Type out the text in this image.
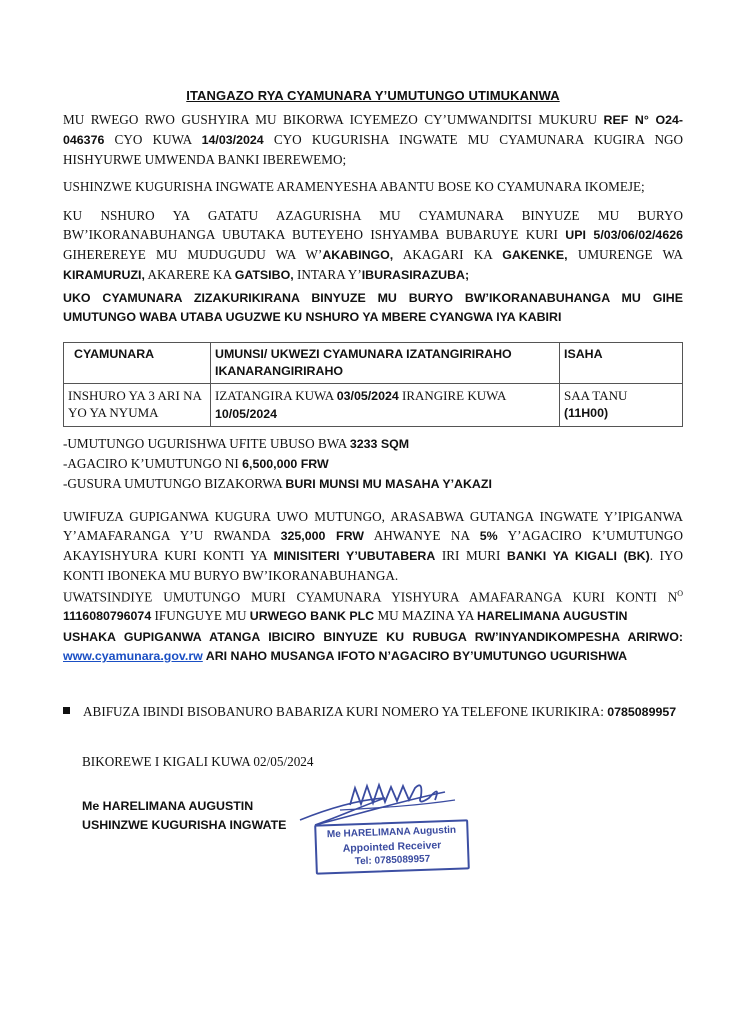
ITANGAZO RYA CYAMUNARA Y’UMUTUNGO UTIMUKANWA
MU RWEGO RWO GUSHYIRA MU BIKORWA ICYEMEZO CY’UMWANDITSI MUKURU REF N° O24-046376 CYO KUWA 14/03/2024 CYO KUGURISHA INGWATE MU CYAMUNARA KUGIRA NGO HISHYURWE UMWENDA BANKI IBEREWEMO;
USHINZWE KUGURISHA INGWATE ARAMENYESHA ABANTU BOSE KO CYAMUNARA IKOMEJE;
KU NSHURO YA GATATU AZAGURISHA MU CYAMUNARA BINYUZE MU BURYO BW’IKORANABUHANGA UBUTAKA BUTEYEHO ISHYAMBA BUBARUYE KURI UPI 5/03/06/02/4626 GIHEREREYE MU MUDUGUDU WA W’AKABINGO, AKAGARI KA GAKENKE, UMURENGE WA KIRAMURUZI, AKARERE KA GATSIBO, INTARA Y’IBURASIRAZUBA;
UKO CYAMUNARA ZIZAKURIKIRANA BINYUZE MU BURYO BW’IKORANABUHANGA MU GIHE UMUTUNGO WABA UTABA UGUZWE KU NSHURO YA MBERE CYANGWA IYA KABIRI
CYAMUNARA	UMUNSI/ UKWEZI CYAMUNARA IZATANGIRIRAHO IKANARANGIRIRAHO	ISAHA
INSHURO YA 3 ARI NA YO YA NYUMA	IZATANGIRA KUWA 03/05/2024 IRANGIRE KUWA 10/05/2024	SAA TANU
(11H00)
-UMUTUNGO UGURISHWA UFITE UBUSO BWA 3233 SQM
-AGACIRO K’UMUTUNGO NI 6,500,000 FRW
-GUSURA UMUTUNGO BIZAKORWA BURI MUNSI MU MASAHA Y’AKAZI
UWIFUZA GUPIGANWA KUGURA UWO MUTUNGO, ARASABWA GUTANGA INGWATE Y’IPIGANWA Y’AMAFARANGA Y’U RWANDA 325,000 FRW AHWANYE NA 5% Y’AGACIRO K’UMUTUNGO AKAYISHYURA KURI KONTI YA MINISITERI Y’UBUTABERA IRI MURI BANKI YA KIGALI (BK). IYO KONTI IBONEKA MU BURYO BW’IKORANABUHANGA.
UWATSINDIYE UMUTUNGO MURI CYAMUNARA YISHYURA AMAFARANGA KURI KONTI $N^O$ 1116080796074 IFUNGUYE MU URWEGO BANK PLC MU MAZINA YA HARELIMANA AUGUSTIN
USHAKA GUPIGANWA ATANGA IBICIRO BINYUZE KU RUBUGA RW’INYANDIKOMPESHA ARIRWO: www.cyamunara.gov.rw ARI NAHO MUSANGA IFOTO N’AGACIRO BY’UMUTUNGO UGURISHWA
ABIFUZA IBINDI BISOBANURO BABARIZA KURI NOMERO YA TELEFONE IKURIKIRA: 0785089957
BIKOREWE I KIGALI KUWA 02/05/2024
Me HARELIMANA AUGUSTIN
USHINZWE KUGURISHA INGWATE	Me HARELIMANA Augustin
Appointed Receiver
Tel: 0785089957
